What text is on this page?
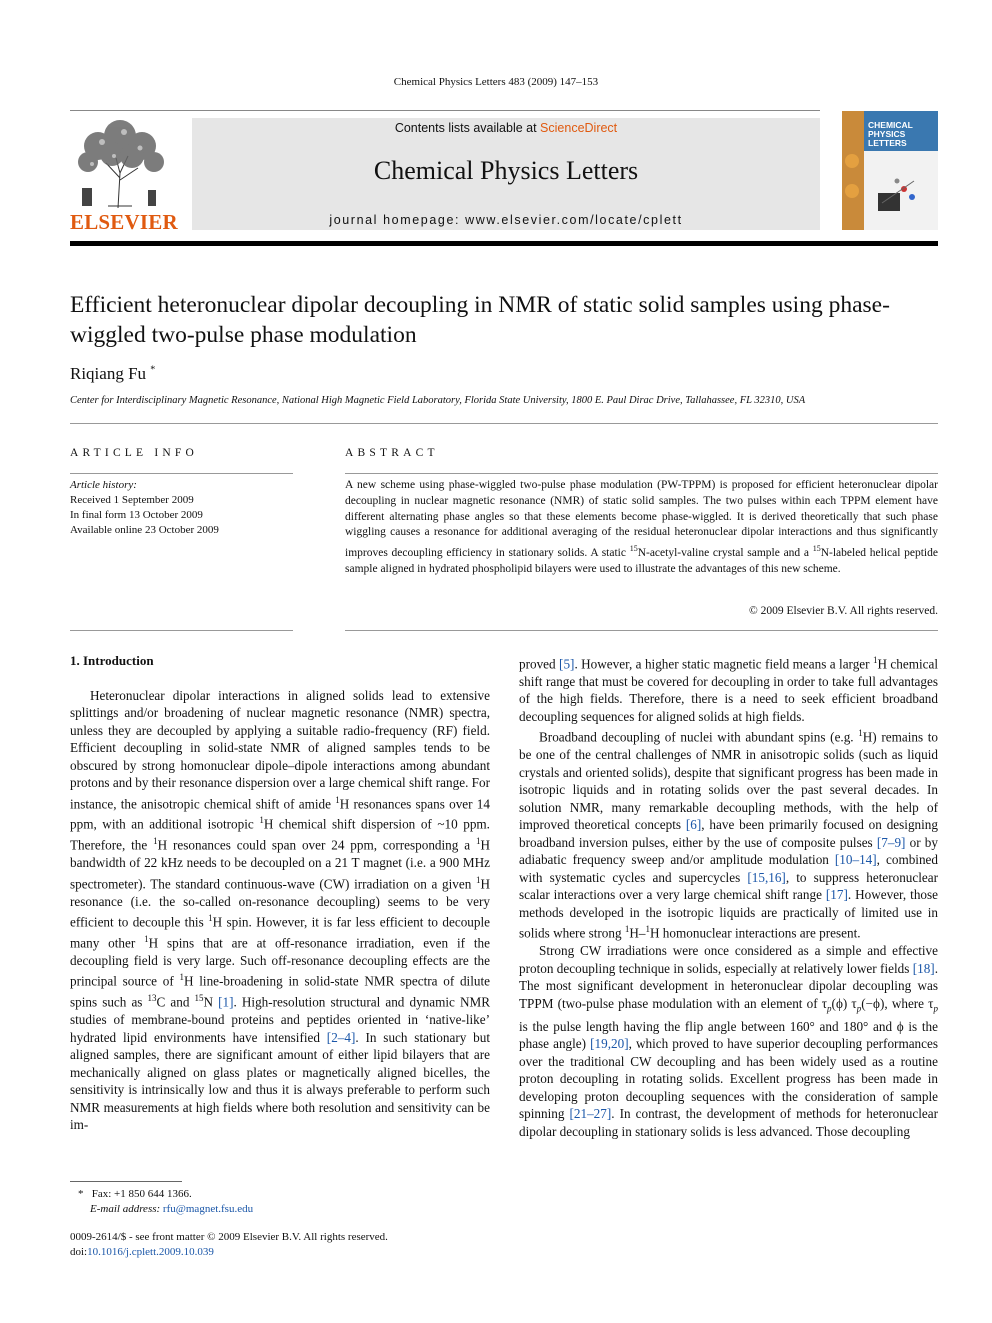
Chemical Physics Letters 483 (2009) 147–153
ELSEVIER
Contents lists available at ScienceDirect
Chemical Physics Letters
journal homepage: www.elsevier.com/locate/cplett
CHEMICAL
PHYSICS
LETTERS
Efficient heteronuclear dipolar decoupling in NMR of static solid samples using phase-wiggled two-pulse phase modulation
Riqiang Fu *
Center for Interdisciplinary Magnetic Resonance, National High Magnetic Field Laboratory, Florida State University, 1800 E. Paul Dirac Drive, Tallahassee, FL 32310, USA
ARTICLE INFO	ABSTRACT
Article history:
Received 1 September 2009
In final form 13 October 2009
Available online 23 October 2009
A new scheme using phase-wiggled two-pulse phase modulation (PW-TPPM) is proposed for efficient heteronuclear dipolar decoupling in nuclear magnetic resonance (NMR) of static solid samples. The two pulses within each TPPM element have different alternating phase angles so that these elements become phase-wiggled. It is derived theoretically that such phase wiggling causes a resonance for additional averaging of the residual heteronuclear dipolar interactions and thus significantly improves decoupling efficiency in stationary solids. A static $^{15}$N-acetyl-valine crystal sample and a $^{15}$N-labeled helical peptide sample aligned in hydrated phospholipid bilayers were used to illustrate the advantages of this new scheme.
© 2009 Elsevier B.V. All rights reserved.
1. Introduction

Heteronuclear dipolar interactions in aligned solids lead to extensive splittings and/or broadening of nuclear magnetic resonance (NMR) spectra, unless they are decoupled by applying a suitable radio-frequency (RF) field. Efficient decoupling in solid-state NMR of aligned samples tends to be obscured by strong homonuclear dipole–dipole interactions among abundant protons and by their resonance dispersion over a large chemical shift range. For instance, the anisotropic chemical shift of amide $^1$H resonances spans over 14 ppm, with an additional isotropic $^1$H chemical shift dispersion of ~10 ppm. Therefore, the $^1$H resonances could span over 24 ppm, corresponding a $^1$H bandwidth of 22 kHz needs to be decoupled on a 21 T magnet (i.e. a 900 MHz spectrometer). The standard continuous-wave (CW) irradiation on a given $^1$H resonance (i.e. the so-called on-resonance decoupling) seems to be very efficient to decouple this $^1$H spin. However, it is far less efficient to decouple many other $^1$H spins that are at off-resonance irradiation, even if the decoupling field is very large. Such off-resonance decoupling effects are the principal source of $^1$H line-broadening in solid-state NMR spectra of dilute spins such as $^{13}$C and $^{15}$N [1]. High-resolution structural and dynamic NMR studies of membrane-bound proteins and peptides oriented in ‘native-like’ hydrated lipid environments have intensified [2–4]. In such stationary but aligned samples, there are significant amount of either lipid bilayers that are mechanically aligned on glass plates or magnetically aligned bicelles, the sensitivity is intrinsically low and thus it is always preferable to perform such NMR measurements at high fields where both resolution and sensitivity can be im-

proved [5]. However, a higher static magnetic field means a larger $^1$H chemical shift range that must be covered for decoupling in order to take full advantages of the high fields. Therefore, there is a need to seek efficient broadband decoupling sequences for aligned solids at high fields.

Broadband decoupling of nuclei with abundant spins (e.g. $^1$H) remains to be one of the central challenges of NMR in anisotropic solids (such as liquid crystals and oriented solids), despite that significant progress has been made in isotropic liquids and in rotating solids over the past several decades. In solution NMR, many remarkable decoupling methods, with the help of improved theoretical concepts [6], have been primarily focused on designing broadband inversion pulses, either by the use of composite pulses [7–9] or by adiabatic frequency sweep and/or amplitude modulation [10–14], combined with systematic cycles and supercycles [15,16], to suppress heteronuclear scalar interactions over a very large chemical shift range [17]. However, those methods developed in the isotropic liquids are practically of limited use in solids where strong $^1$H–$^1$H homonuclear interactions are present.

Strong CW irradiations were once considered as a simple and effective proton decoupling technique in solids, especially at relatively lower fields [18]. The most significant development in heteronuclear dipolar decoupling was TPPM (two-pulse phase modulation with an element of $\tau_p(\phi)$ $\tau_p(-\phi)$, where $\tau_p$ is the pulse length having the flip angle between 160° and 180° and ϕ is the phase angle) [19,20], which proved to have superior decoupling performances over the traditional CW decoupling and has been widely used as a routine proton decoupling in rotating solids. Excellent progress has been made in developing proton decoupling sequences with the consideration of sample spinning [21–27]. In contrast, the development of methods for heteronuclear dipolar decoupling in stationary solids is less advanced. Those decoupling

* Fax: +1 850 644 1366.
E-mail address: rfu@magnet.fsu.edu
0009-2614/$ - see front matter © 2009 Elsevier B.V. All rights reserved.
doi:10.1016/j.cplett.2009.10.039
